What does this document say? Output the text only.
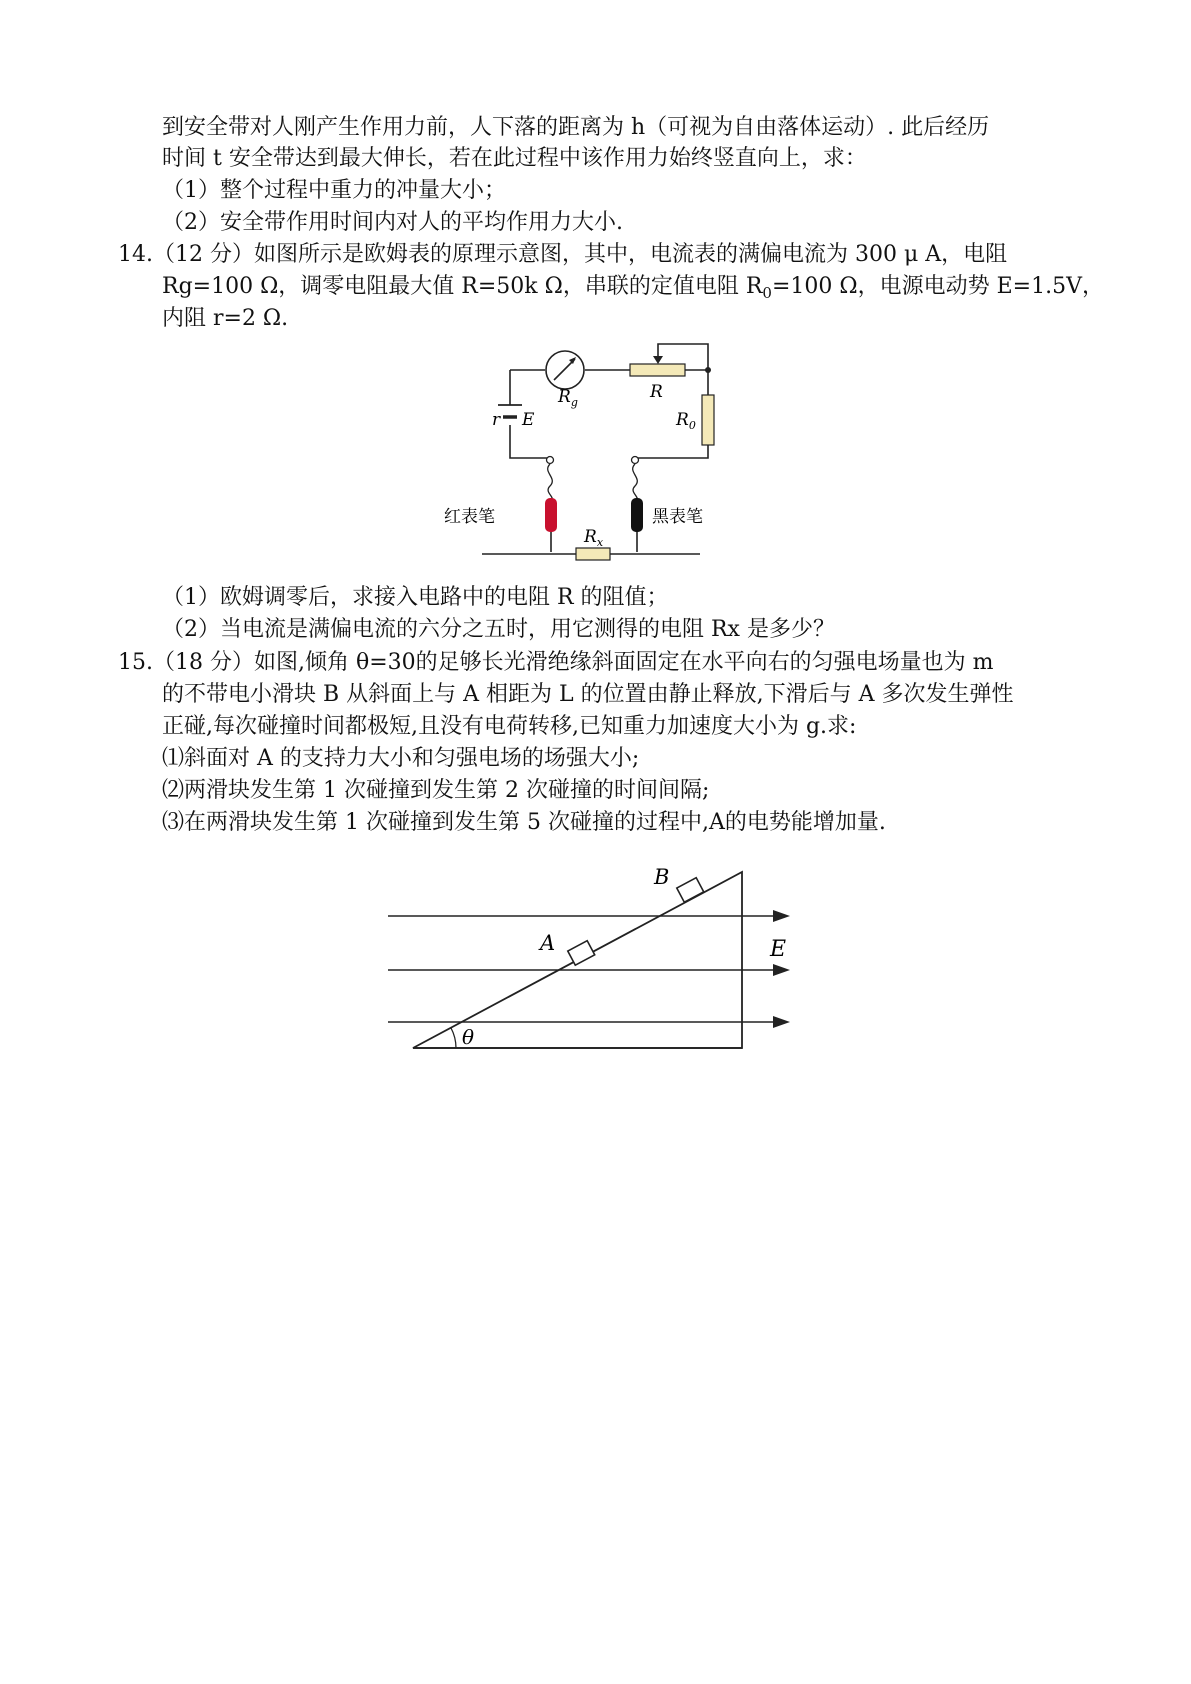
到安全带对人刚产生作用力前，人下落的距离为 h（可视为自由落体运动）. 此后经历
时间 t 安全带达到最大伸长，若在此过程中该作用力始终竖直向上，求：
（1）整个过程中重力的冲量大小；
（2）安全带作用时间内对人的平均作用力大小.
14.（12 分）如图所示是欧姆表的原理示意图，其中，电流表的满偏电流为 300 μ A，电阻
Rg=100 Ω，调零电阻最大值 R=50k Ω，串联的定值电阻 $R_0=100$ Ω，电源电动势 E=1.5V，
内阻 r=2 Ω.
$R_g$
R
$R_0$
r E
红表笔	黑表笔
$R_x$
（1）欧姆调零后，求接入电路中的电阻 R 的阻值；
（2）当电流是满偏电流的六分之五时，用它测得的电阻 Rx 是多少？
15.（18 分）如图,倾角 θ=30的足够长光滑绝缘斜面固定在水平向右的匀强电场量也为 m
的不带电小滑块 B 从斜面上与 A 相距为 L 的位置由静止释放,下滑后与 A 多次发生弹性
正碰,每次碰撞时间都极短,且没有电荷转移,已知重力加速度大小为 g.求:
⑴斜面对 A 的支持力大小和匀强电场的场强大小;
⑵两滑块发生第 1 次碰撞到发生第 2 次碰撞的时间间隔;
⑶在两滑块发生第 1 次碰撞到发生第 5 次碰撞的过程中,A的电势能增加量.
E
θ
A
B
